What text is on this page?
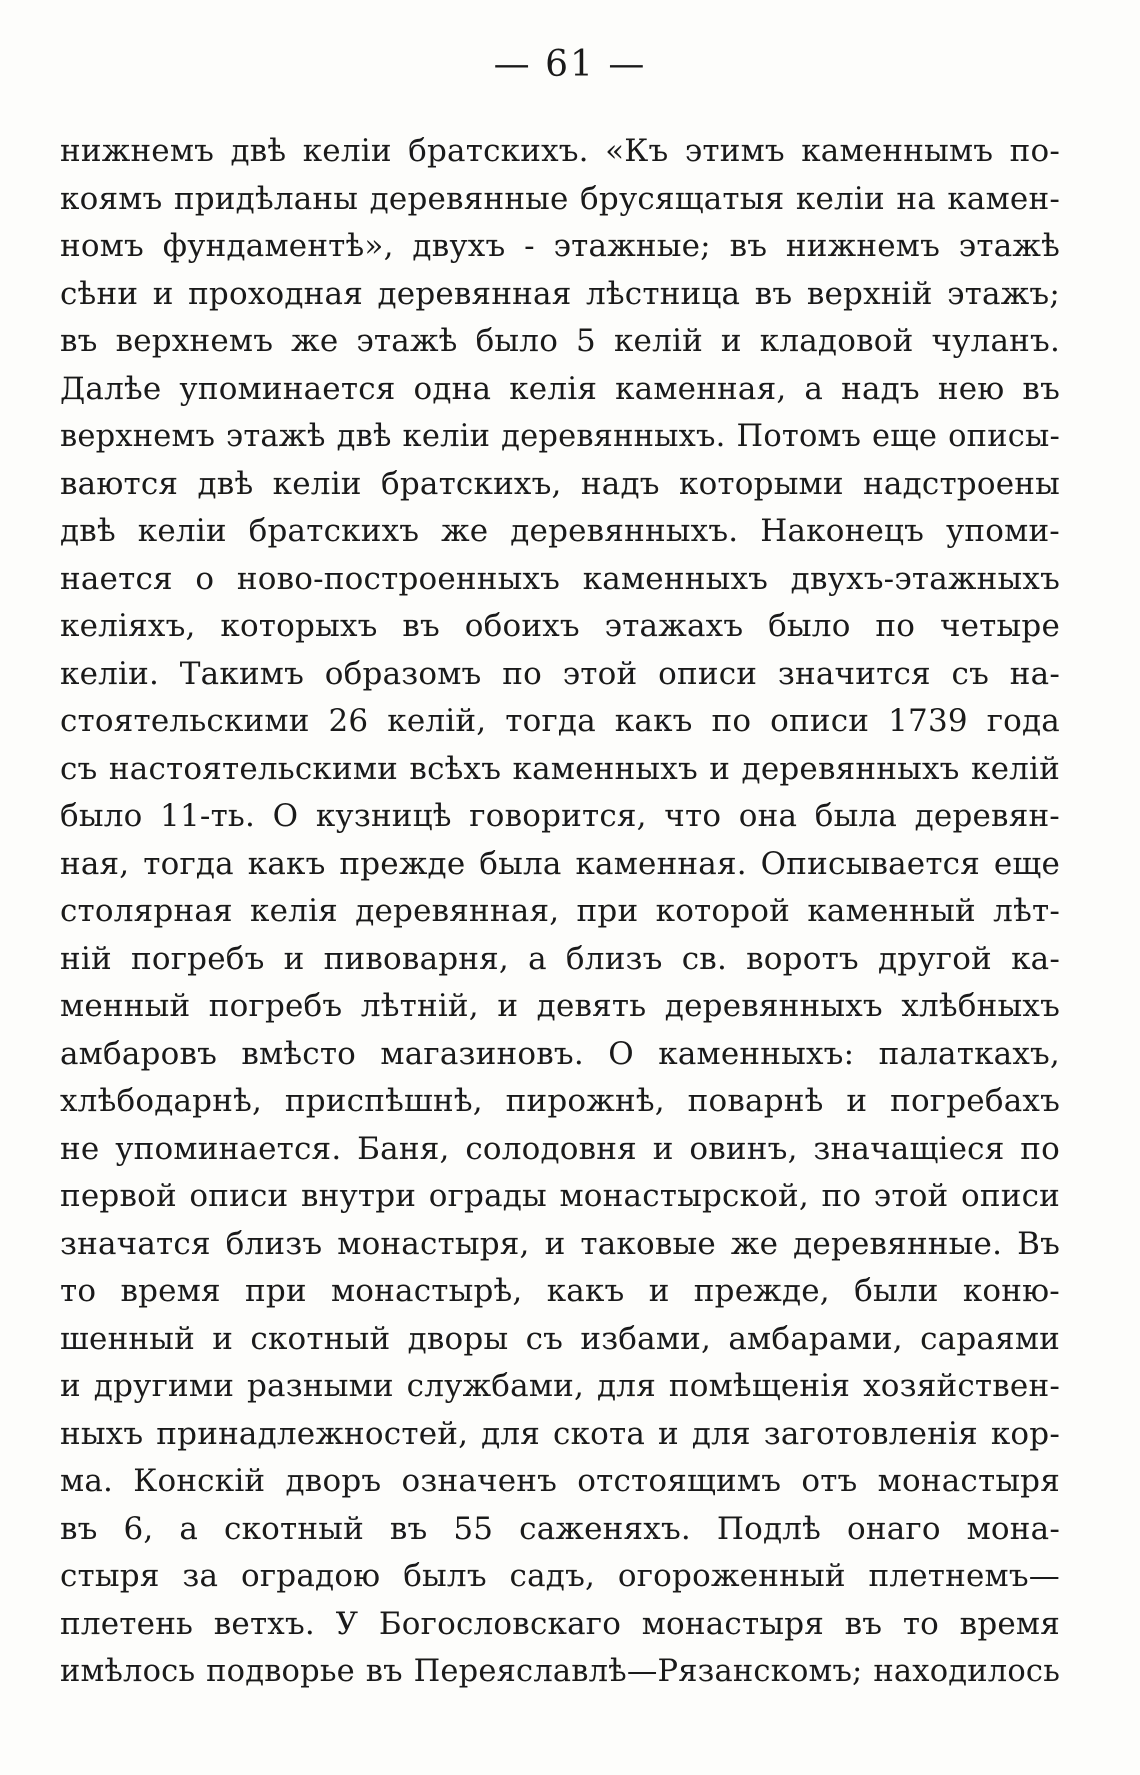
— 61 —
нижнемъ двѣ келіи братскихъ. «Къ этимъ каменнымъ по-
коямъ придѣланы деревянные брусящатыя келіи на камен-
номъ фундаментѣ», двухъ - этажные; въ нижнемъ этажѣ
сѣни и проходная деревянная лѣстница въ верхній этажъ;
въ верхнемъ же этажѣ было 5 келій и кладовой чуланъ.
Далѣе упоминается одна келія каменная, а надъ нею въ
верхнемъ этажѣ двѣ келіи деревянныхъ. Потомъ еще описы-
ваются двѣ келіи братскихъ, надъ которыми надстроены
двѣ келіи братскихъ же деревянныхъ. Наконецъ упоми-
нается о ново-построенныхъ каменныхъ двухъ-этажныхъ
келіяхъ, которыхъ въ обоихъ этажахъ было по четыре
келіи. Такимъ образомъ по этой описи значится съ на-
стоятельскими 26 келій, тогда какъ по описи 1739 года
съ настоятельскими всѣхъ каменныхъ и деревянныхъ келій
было 11-ть. О кузницѣ говорится, что она была деревян-
ная, тогда какъ прежде была каменная. Описывается еще
столярная келія деревянная, при которой каменный лѣт-
ній погребъ и пивоварня, а близъ св. воротъ другой ка-
менный погребъ лѣтній, и девять деревянныхъ хлѣбныхъ
амбаровъ вмѣсто магазиновъ. О каменныхъ: палаткахъ,
хлѣбодарнѣ, приспѣшнѣ, пирожнѣ, поварнѣ и погребахъ
не упоминается. Баня, солодовня и овинъ, значащіеся по
первой описи внутри ограды монастырской, по этой описи
значатся близъ монастыря, и таковые же деревянные. Въ
то время при монастырѣ, какъ и прежде, были коню-
шенный и скотный дворы съ избами, амбарами, сараями
и другими разными службами, для помѣщенія хозяйствен-
ныхъ принадлежностей, для скота и для заготовленія кор-
ма. Конскій дворъ означенъ отстоящимъ отъ монастыря
въ 6, а скотный въ 55 саженяхъ. Подлѣ онаго мона-
стыря за оградою былъ садъ, огороженный плетнемъ—
плетень ветхъ. У Богословскаго монастыря въ то время
имѣлось подворье въ Переяславлѣ—Рязанскомъ; находилось
